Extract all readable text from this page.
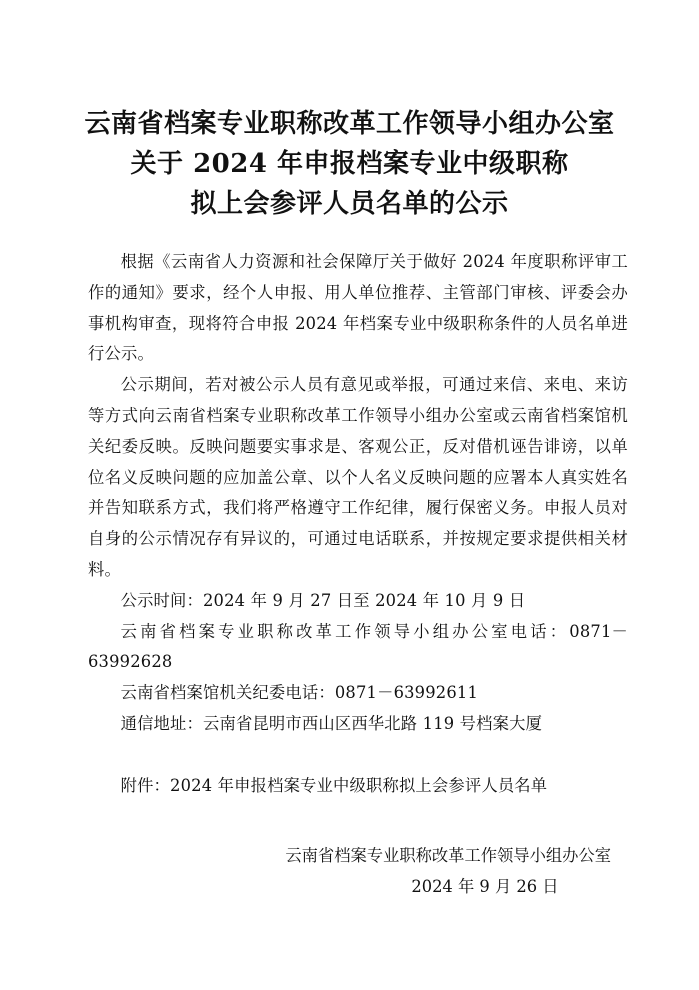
云南省档案专业职称改革工作领导小组办公室
关于 2024 年申报档案专业中级职称
拟上会参评人员名单的公示

根据《云南省人力资源和社会保障厅关于做好 2024 年度职称评审工作的通知》要求，经个人申报、用人单位推荐、主管部门审核、评委会办事机构审查，现将符合申报 2024 年档案专业中级职称条件的人员名单进行公示。

公示期间，若对被公示人员有意见或举报，可通过来信、来电、来访等方式向云南省档案专业职称改革工作领导小组办公室或云南省档案馆机关纪委反映。反映问题要实事求是、客观公正，反对借机诬告诽谤，以单位名义反映问题的应加盖公章、以个人名义反映问题的应署本人真实姓名并告知联系方式，我们将严格遵守工作纪律，履行保密义务。申报人员对自身的公示情况存有异议的，可通过电话联系，并按规定要求提供相关材料。

公示时间：2024 年 9 月 27 日至 2024 年 10 月 9 日

云南省档案专业职称改革工作领导小组办公室电话：0871－63992628

云南省档案馆机关纪委电话：0871－63992611

通信地址：云南省昆明市西山区西华北路 119 号档案大厦

附件：2024 年申报档案专业中级职称拟上会参评人员名单

云南省档案专业职称改革工作领导小组办公室
2024 年 9 月 26 日
